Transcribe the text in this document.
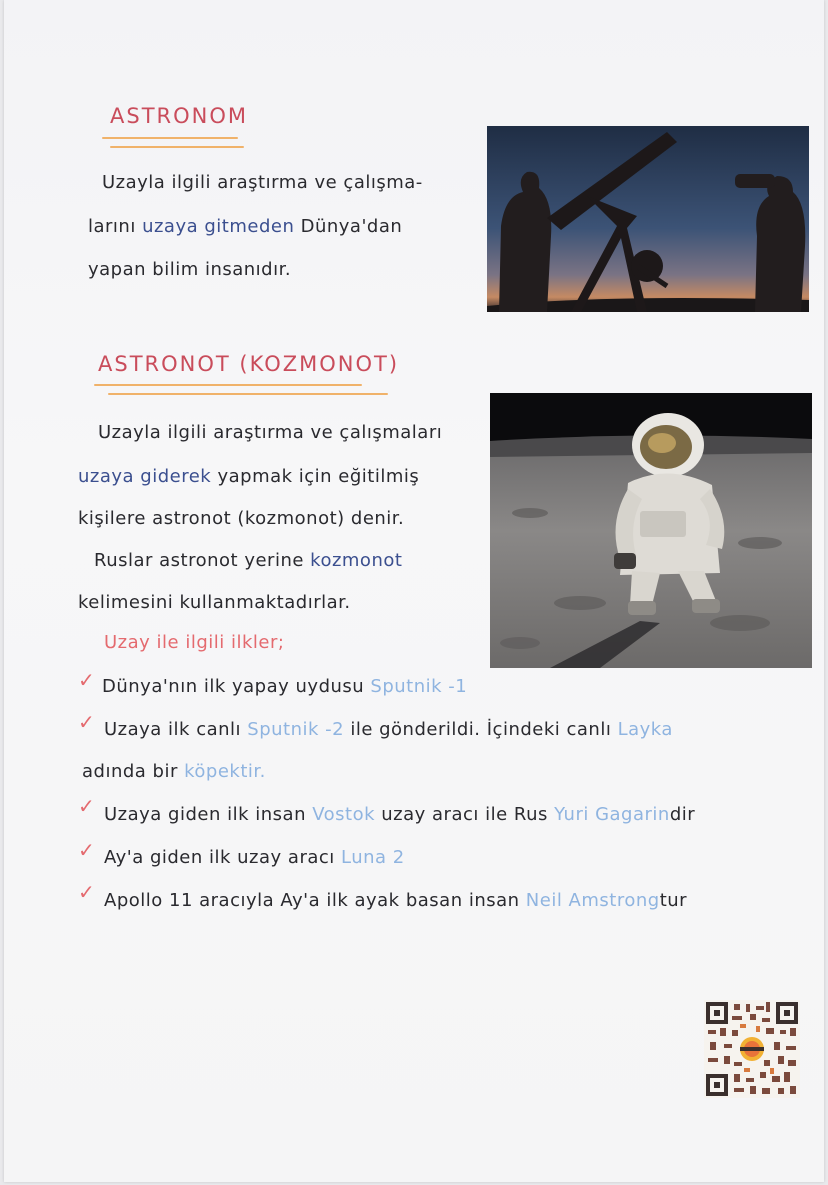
ASTRONOM
Uzayla ilgili araştırma ve çalışma-
larını uzaya gitmeden Dünya'dan
yapan bilim insanıdır.
ASTRONOT (KOZMONOT)
Uzayla ilgili araştırma ve çalışmaları
uzaya giderek yapmak için eğitilmiş
kişilere astronot (kozmonot) denir.
Ruslar astronot yerine kozmonot
kelimesini kullanmaktadırlar.
Uzay ile ilgili ilkler;
✓ Dünya'nın ilk yapay uydusu Sputnik -1
✓ Uzaya ilk canlı Sputnik -2 ile gönderildi. İçindeki canlı Layka
adında bir köpektir.
✓ Uzaya giden ilk insan Vostok uzay aracı ile Rus Yuri Gagarindir
✓ Ay'a giden ilk uzay aracı Luna 2
✓ Apollo 11 aracıyla Ay'a ilk ayak basan insan Neil Amstrongtur
